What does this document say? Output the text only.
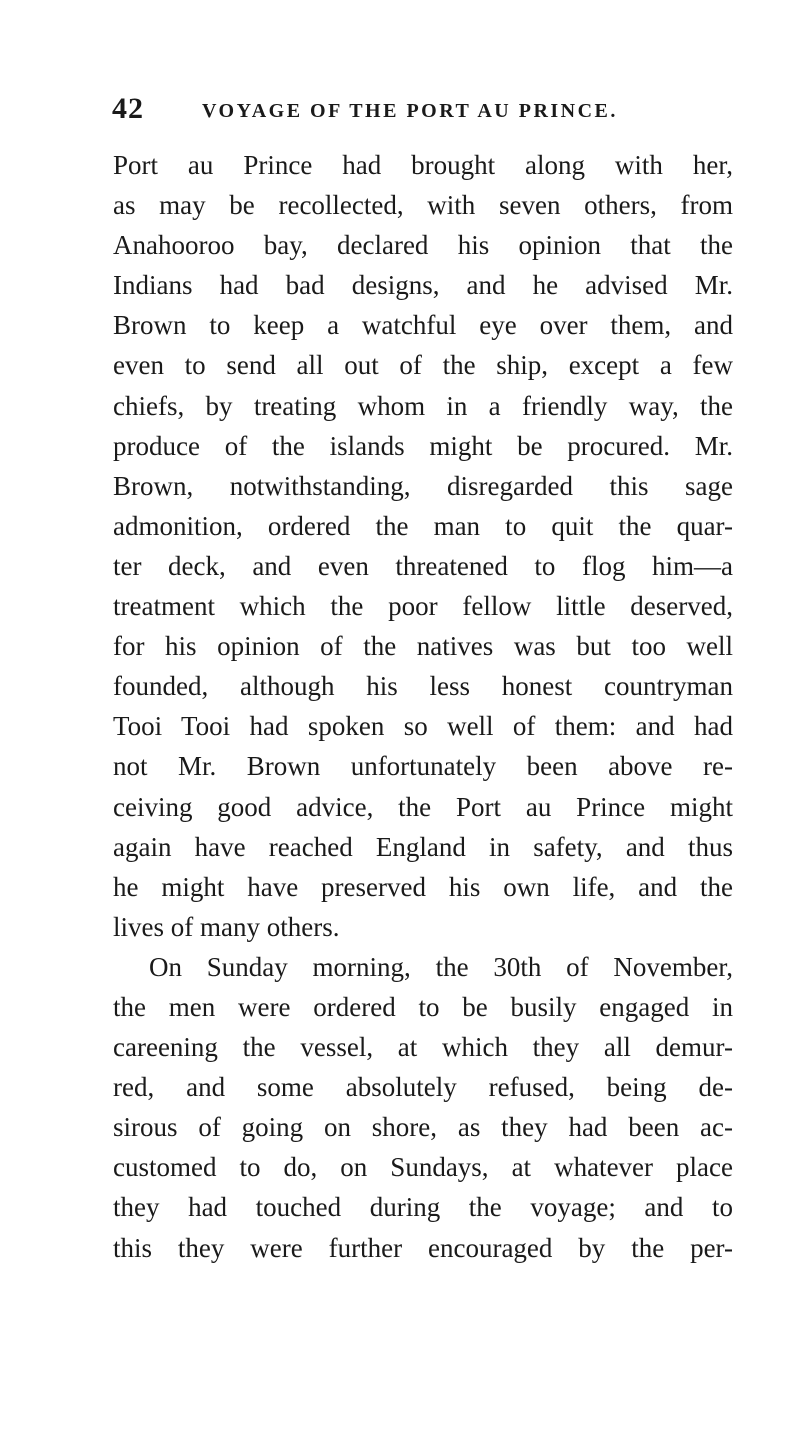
42	VOYAGE OF THE PORT AU PRINCE.
Port au Prince had brought along with her,
as may be recollected, with seven others, from
Anahooroo bay, declared his opinion that the
Indians had bad designs, and he advised Mr.
Brown to keep a watchful eye over them, and
even to send all out of the ship, except a few
chiefs, by treating whom in a friendly way, the
produce of the islands might be procured. Mr.
Brown, notwithstanding, disregarded this sage
admonition, ordered the man to quit the quar-
ter deck, and even threatened to flog him—a
treatment which the poor fellow little deserved,
for his opinion of the natives was but too well
founded, although his less honest countryman
Tooi Tooi had spoken so well of them: and had
not Mr. Brown unfortunately been above re-
ceiving good advice, the Port au Prince might
again have reached England in safety, and thus
he might have preserved his own life, and the
lives of many others.
On Sunday morning, the 30th of November,
the men were ordered to be busily engaged in
careening the vessel, at which they all demur-
red, and some absolutely refused, being de-
sirous of going on shore, as they had been ac-
customed to do, on Sundays, at whatever place
they had touched during the voyage; and to
this they were further encouraged by the per-
